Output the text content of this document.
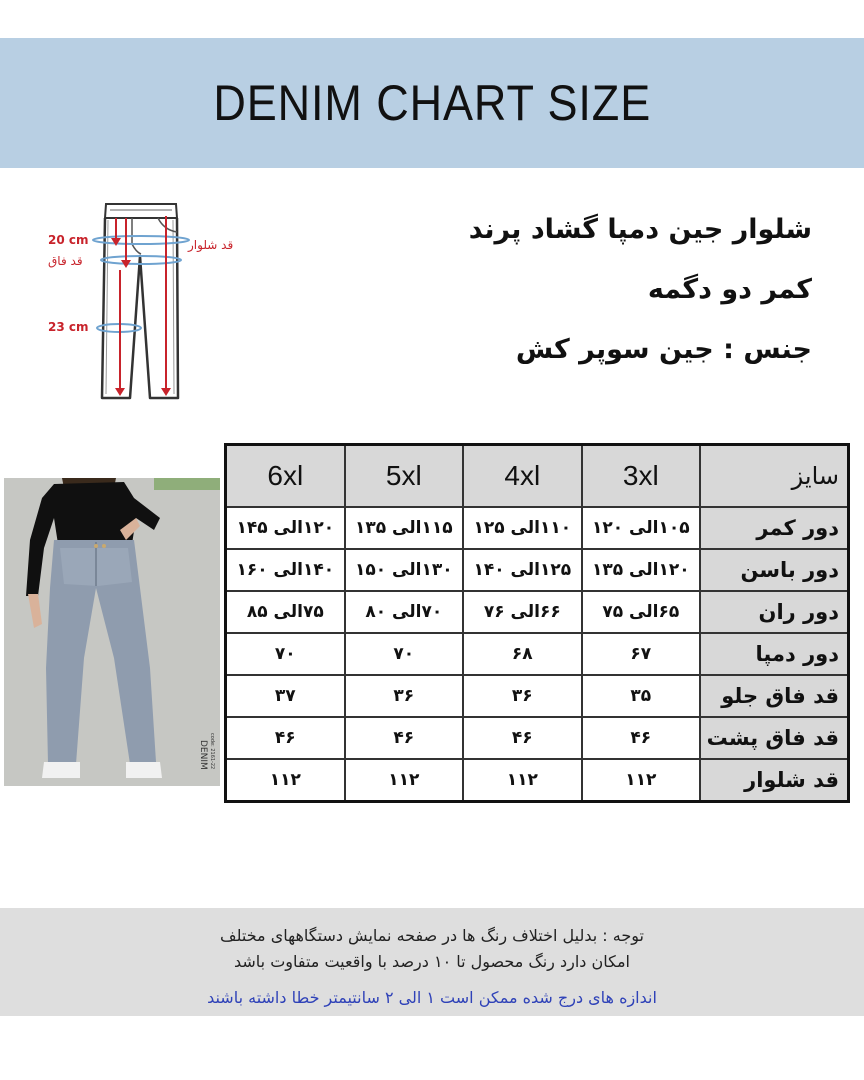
DENIM CHART SIZE
20 cm
قد فاق
23 cm
قد شلوار	شلوار جین دمپا گشاد پرند
کمر دو دگمه
جنس : جین سوپر کش
DENIM code: 2161-22
سایز	3xl	4xl	5xl	6xl
دور کمر	۱۰۵الی ۱۲۰	۱۱۰الی ۱۲۵	۱۱۵الی ۱۳۵	۱۲۰الی ۱۴۵
دور باسن	۱۲۰الی ۱۳۵	۱۲۵الی ۱۴۰	۱۳۰الی ۱۵۰	۱۴۰الی ۱۶۰
دور ران	۶۵الی ۷۵	۶۶الی ۷۶	۷۰الی ۸۰	۷۵الی ۸۵
دور دمپا	۶۷	۶۸	۷۰	۷۰
قد فاق جلو	۳۵	۳۶	۳۶	۳۷
قد فاق پشت	۴۶	۴۶	۴۶	۴۶
قد شلوار	۱۱۲	۱۱۲	۱۱۲	۱۱۲
توجه : بدلیل اختلاف رنگ ها در صفحه نمایش دستگاههای مختلف
امکان دارد رنگ محصول تا ۱۰ درصد با واقعیت متفاوت باشد
اندازه های درج شده ممکن است ۱ الی ۲ سانتیمتر خطا داشته باشند
